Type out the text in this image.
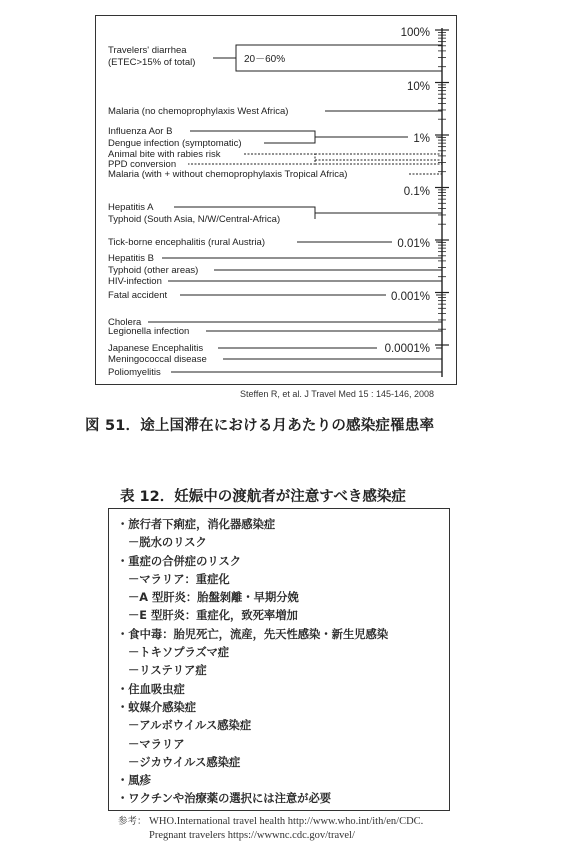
100%
10%
1%
0.1%
0.01%
0.001%
0.0001%
Travelers' diarrhea
(ETEC>15% of total)	20－60%
Malaria (no chemoprophylaxis West Africa)
Influenza Aor B
Dengue infection (symptomatic)
Animal bite with rabies risk
PPD conversion
Malaria (with + without chemoprophylaxis Tropical Africa)
Hepatitis A
Typhoid (South Asia, N/W/Central-Africa)
Tick-borne encephalitis (rural Austria)
Hepatitis B
Typhoid (other areas)
HIV-infection
Fatal accident
Cholera
Legionella infection
Japanese Encephalitis
Meningococcal disease
Poliomyelitis
Steffen R, et al. J Travel Med 15 : 145-146, 2008
図 51．途上国滞在における月あたりの感染症罹患率
表 12．妊娠中の渡航者が注意すべき感染症
・旅行者下痢症，消化器感染症
－脱水のリスク
・重症の合併症のリスク
－マラリア：重症化
－A 型肝炎：胎盤剝離・早期分娩
－E 型肝炎：重症化，致死率増加
・食中毒：胎児死亡，流産，先天性感染・新生児感染
－トキソプラズマ症
－リステリア症
・住血吸虫症
・蚊媒介感染症
－アルボウイルス感染症
－マラリア
－ジカウイルス感染症
・風疹
・ワクチンや治療薬の選択には注意が必要
参考： WHO.International travel health http://www.who.int/ith/en/CDC. Pregnant travelers https://wwwnc.cdc.gov/travel/
